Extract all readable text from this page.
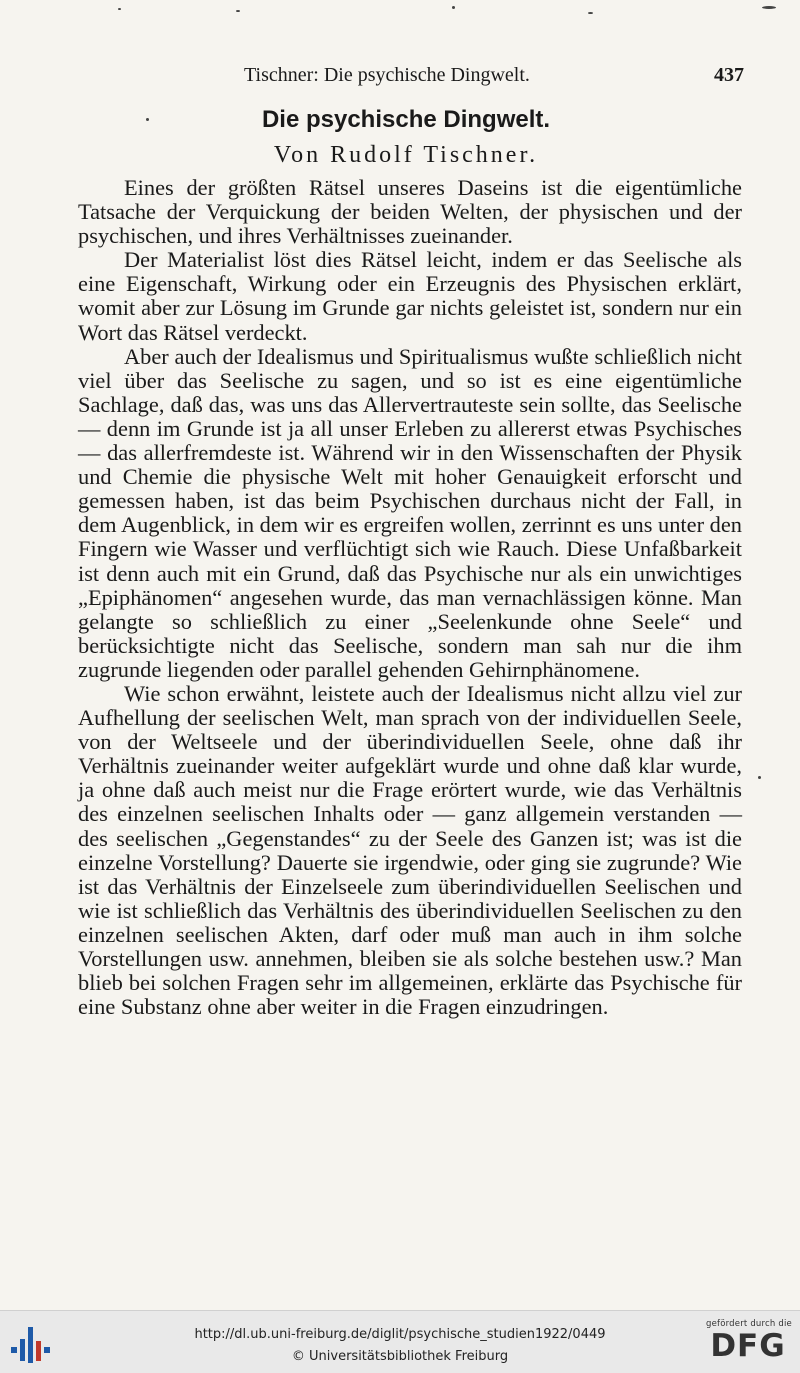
Tischner: Die psychische Dingwelt.	437
Die psychische Dingwelt.
Von Rudolf Tischner.

Eines der größten Rätsel unseres Daseins ist die eigentümliche Tatsache der Verquickung der beiden Welten, der physischen und der psychischen, und ihres Verhältnisses zueinander.

Der Materialist löst dies Rätsel leicht, indem er das Seelische als eine Eigenschaft, Wirkung oder ein Erzeugnis des Physischen erklärt, womit aber zur Lösung im Grunde gar nichts geleistet ist, sondern nur ein Wort das Rätsel verdeckt.

Aber auch der Idealismus und Spiritualismus wußte schließlich nicht viel über das Seelische zu sagen, und so ist es eine eigentümliche Sachlage, daß das, was uns das Allervertrauteste sein sollte, das Seelische — denn im Grunde ist ja all unser Erleben zu allererst etwas Psychisches — das allerfremdeste ist. Während wir in den Wissenschaften der Physik und Chemie die physische Welt mit hoher Genauigkeit erforscht und gemessen haben, ist das beim Psychischen durchaus nicht der Fall, in dem Augenblick, in dem wir es ergreifen wollen, zerrinnt es uns unter den Fingern wie Wasser und verflüchtigt sich wie Rauch. Diese Unfaßbarkeit ist denn auch mit ein Grund, daß das Psychische nur als ein unwichtiges „Epiphänomen“ angesehen wurde, das man vernachlässigen könne. Man gelangte so schließlich zu einer „Seelenkunde ohne Seele“ und berücksichtigte nicht das Seelische, sondern man sah nur die ihm zugrunde liegenden oder parallel gehenden Gehirnphänomene.

Wie schon erwähnt, leistete auch der Idealismus nicht allzu viel zur Aufhellung der seelischen Welt, man sprach von der individuellen Seele, von der Weltseele und der überindividuellen Seele, ohne daß ihr Verhältnis zueinander weiter aufgeklärt wurde und ohne daß klar wurde, ja ohne daß auch meist nur die Frage erörtert wurde, wie das Verhältnis des einzelnen seelischen Inhalts oder — ganz allgemein verstanden — des seelischen „Gegenstandes“ zu der Seele des Ganzen ist; was ist die einzelne Vorstellung? Dauerte sie irgendwie, oder ging sie zugrunde? Wie ist das Verhältnis der Einzelseele zum überindividuellen Seelischen und wie ist schließlich das Verhältnis des überindividuellen Seelischen zu den einzelnen seelischen Akten, darf oder muß man auch in ihm solche Vorstellungen usw. annehmen, bleiben sie als solche bestehen usw.? Man blieb bei solchen Fragen sehr im allgemeinen, erklärte das Psychische für eine Substanz ohne aber weiter in die Fragen einzudringen.

http://dl.ub.uni-freiburg.de/diglit/psychische_studien1922/0449
© Universitätsbibliothek Freiburg
gefördert durch die
DFG
